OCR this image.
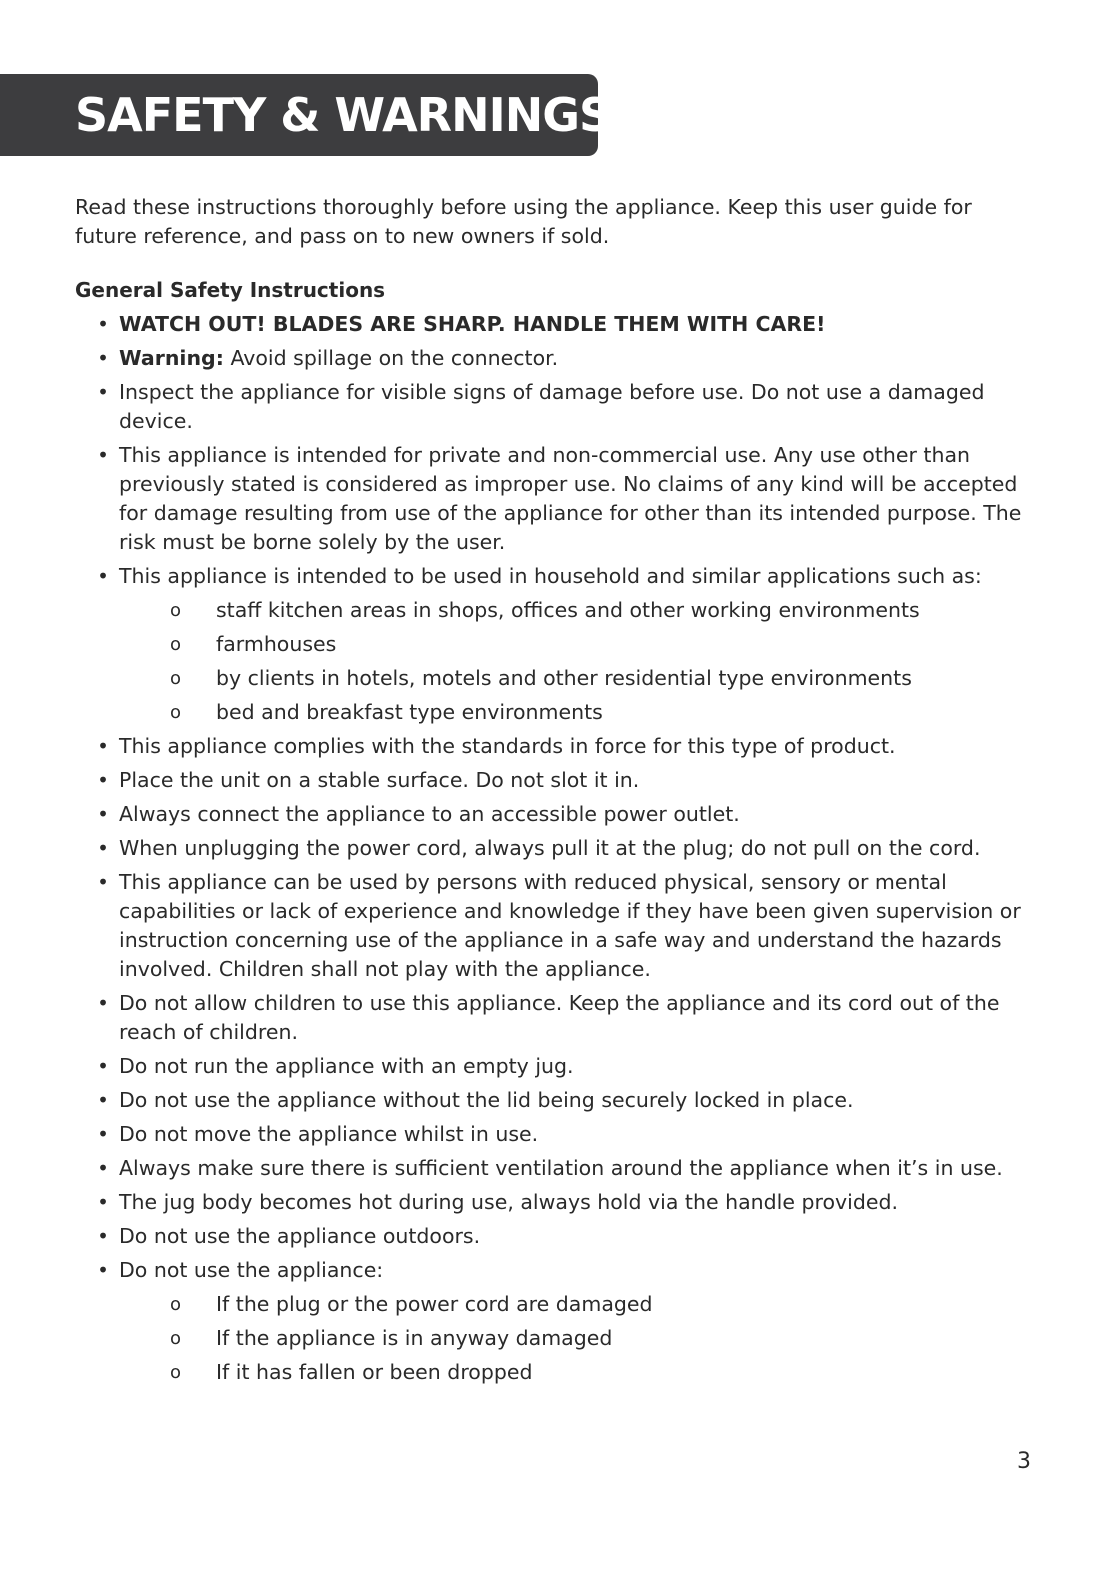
SAFETY & WARNINGS

Read these instructions thoroughly before using the appliance. Keep this user guide for future reference, and pass on to new owners if sold.

General Safety Instructions
• WATCH OUT! BLADES ARE SHARP. HANDLE THEM WITH CARE!
• Warning: Avoid spillage on the connector.
• Inspect the appliance for visible signs of damage before use. Do not use a damaged device.
• This appliance is intended for private and non-commercial use. Any use other than previously stated is considered as improper use. No claims of any kind will be accepted for damage resulting from use of the appliance for other than its intended purpose. The risk must be borne solely by the user.
• This appliance is intended to be used in household and similar applications such as:
o staff kitchen areas in shops, offices and other working environments
o farmhouses
o by clients in hotels, motels and other residential type environments
o bed and breakfast type environments
• This appliance complies with the standards in force for this type of product.
• Place the unit on a stable surface. Do not slot it in.
• Always connect the appliance to an accessible power outlet.
• When unplugging the power cord, always pull it at the plug; do not pull on the cord.
• This appliance can be used by persons with reduced physical, sensory or mental capabilities or lack of experience and knowledge if they have been given supervision or instruction concerning use of the appliance in a safe way and understand the hazards involved. Children shall not play with the appliance.
• Do not allow children to use this appliance. Keep the appliance and its cord out of the reach of children.
• Do not run the appliance with an empty jug.
• Do not use the appliance without the lid being securely locked in place.
• Do not move the appliance whilst in use.
• Always make sure there is sufficient ventilation around the appliance when it’s in use.
• The jug body becomes hot during use, always hold via the handle provided.
• Do not use the appliance outdoors.
• Do not use the appliance:
o If the plug or the power cord are damaged
o If the appliance is in anyway damaged
o If it has fallen or been dropped
3
